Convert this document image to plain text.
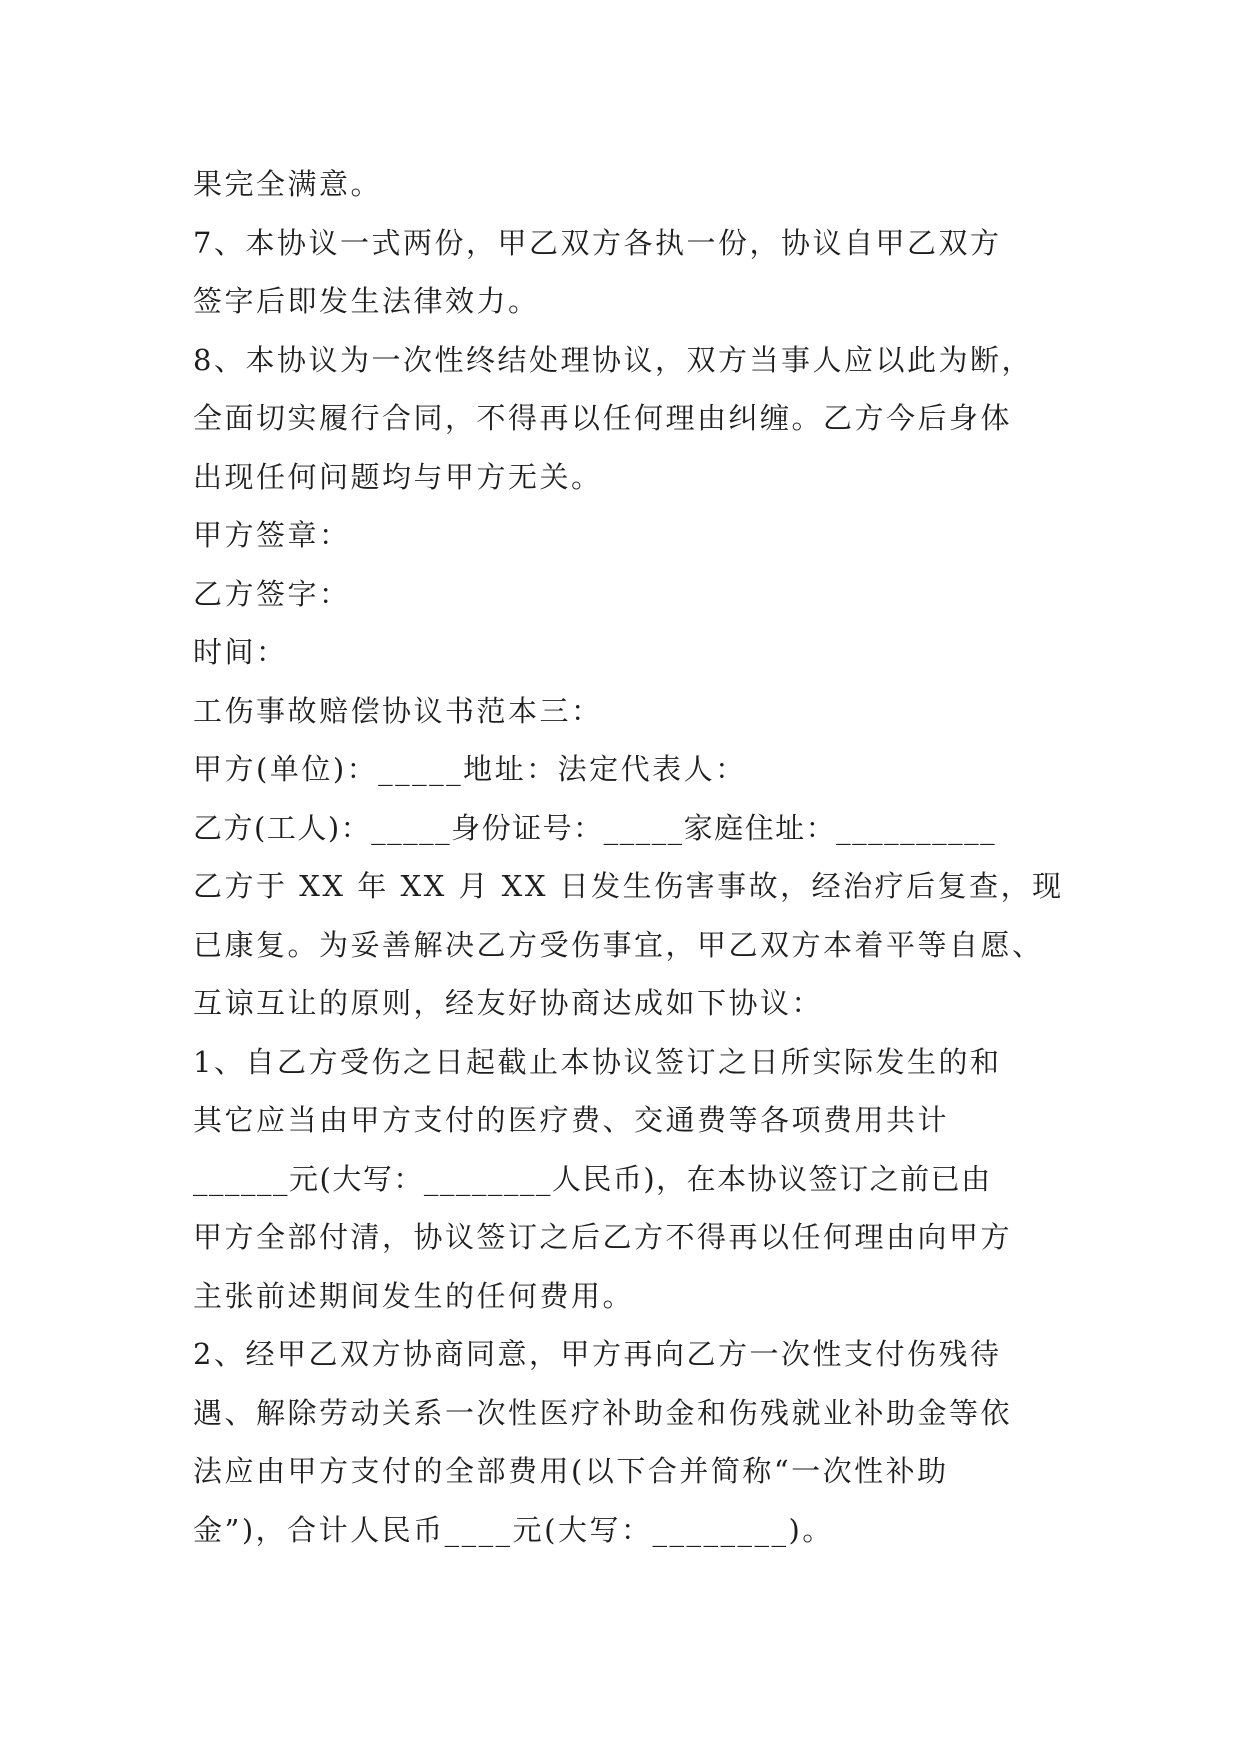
果完全满意。
7、本协议一式两份，甲乙双方各执一份，协议自甲乙双方
签字后即发生法律效力。
8、本协议为一次性终结处理协议，双方当事人应以此为断，
全面切实履行合同，不得再以任何理由纠缠。乙方今后身体
出现任何问题均与甲方无关。
甲方签章：
乙方签字：
时间：
工伤事故赔偿协议书范本三：
甲方(单位)：_____地址：法定代表人：
乙方(工人)：_____身份证号：_____家庭住址：__________
乙方于 XX 年 XX 月 XX 日发生伤害事故，经治疗后复查，现
已康复。为妥善解决乙方受伤事宜，甲乙双方本着平等自愿、
互谅互让的原则，经友好协商达成如下协议：
1、自乙方受伤之日起截止本协议签订之日所实际发生的和
其它应当由甲方支付的医疗费、交通费等各项费用共计
______元(大写：________人民币)，在本协议签订之前已由
甲方全部付清，协议签订之后乙方不得再以任何理由向甲方
主张前述期间发生的任何费用。
2、经甲乙双方协商同意，甲方再向乙方一次性支付伤残待
遇、解除劳动关系一次性医疗补助金和伤残就业补助金等依
法应由甲方支付的全部费用(以下合并简称“一次性补助
金”)，合计人民币____元(大写：________)。
